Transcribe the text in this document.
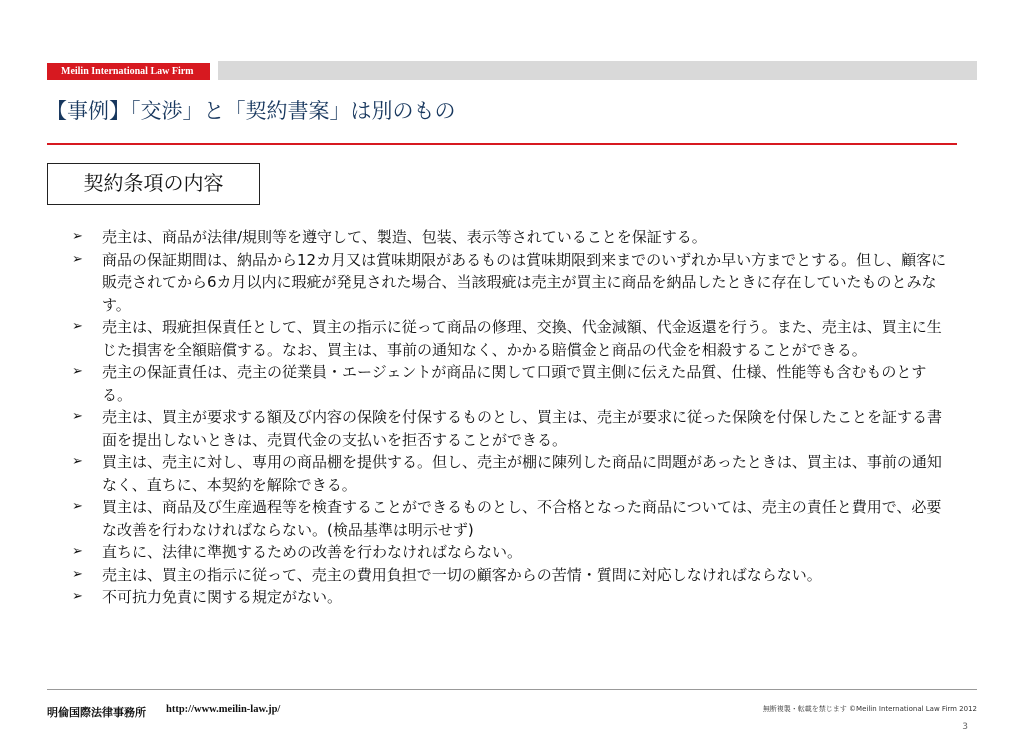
Meilin International Law Firm
【事例】「交渉」と「契約書案」は別のもの
契約条項の内容
➢	売主は、商品が法律/規則等を遵守して、製造、包装、表示等されていることを保証する。
➢	商品の保証期間は、納品から12カ月又は賞味期限があるものは賞味期限到来までのいずれか早い方までとする。但し、顧客に販売されてから6カ月以内に瑕疵が発見された場合、当該瑕疵は売主が買主に商品を納品したときに存在していたものとみなす。
➢	売主は、瑕疵担保責任として、買主の指示に従って商品の修理、交換、代金減額、代金返還を行う。また、売主は、買主に生じた損害を全額賠償する。なお、買主は、事前の通知なく、かかる賠償金と商品の代金を相殺することができる。
➢	売主の保証責任は、売主の従業員・エージェントが商品に関して口頭で買主側に伝えた品質、仕様、性能等も含むものとする。
➢	売主は、買主が要求する額及び内容の保険を付保するものとし、買主は、売主が要求に従った保険を付保したことを証する書面を提出しないときは、売買代金の支払いを拒否することができる。
➢	買主は、売主に対し、専用の商品棚を提供する。但し、売主が棚に陳列した商品に問題があったときは、買主は、事前の通知なく、直ちに、本契約を解除できる。
➢	買主は、商品及び生産過程等を検査することができるものとし、不合格となった商品については、売主の責任と費用で、必要な改善を行わなければならない。(検品基準は明示せず)
➢	直ちに、法律に準拠するための改善を行わなければならない。
➢	売主は、買主の指示に従って、売主の費用負担で一切の顧客からの苦情・質問に対応しなければならない。
➢	不可抗力免責に関する規定がない。
明倫国際法律事務所 http://www.meilin-law.jp/	無断複製・転載を禁じます ©Meilin International Law Firm 2012
3
